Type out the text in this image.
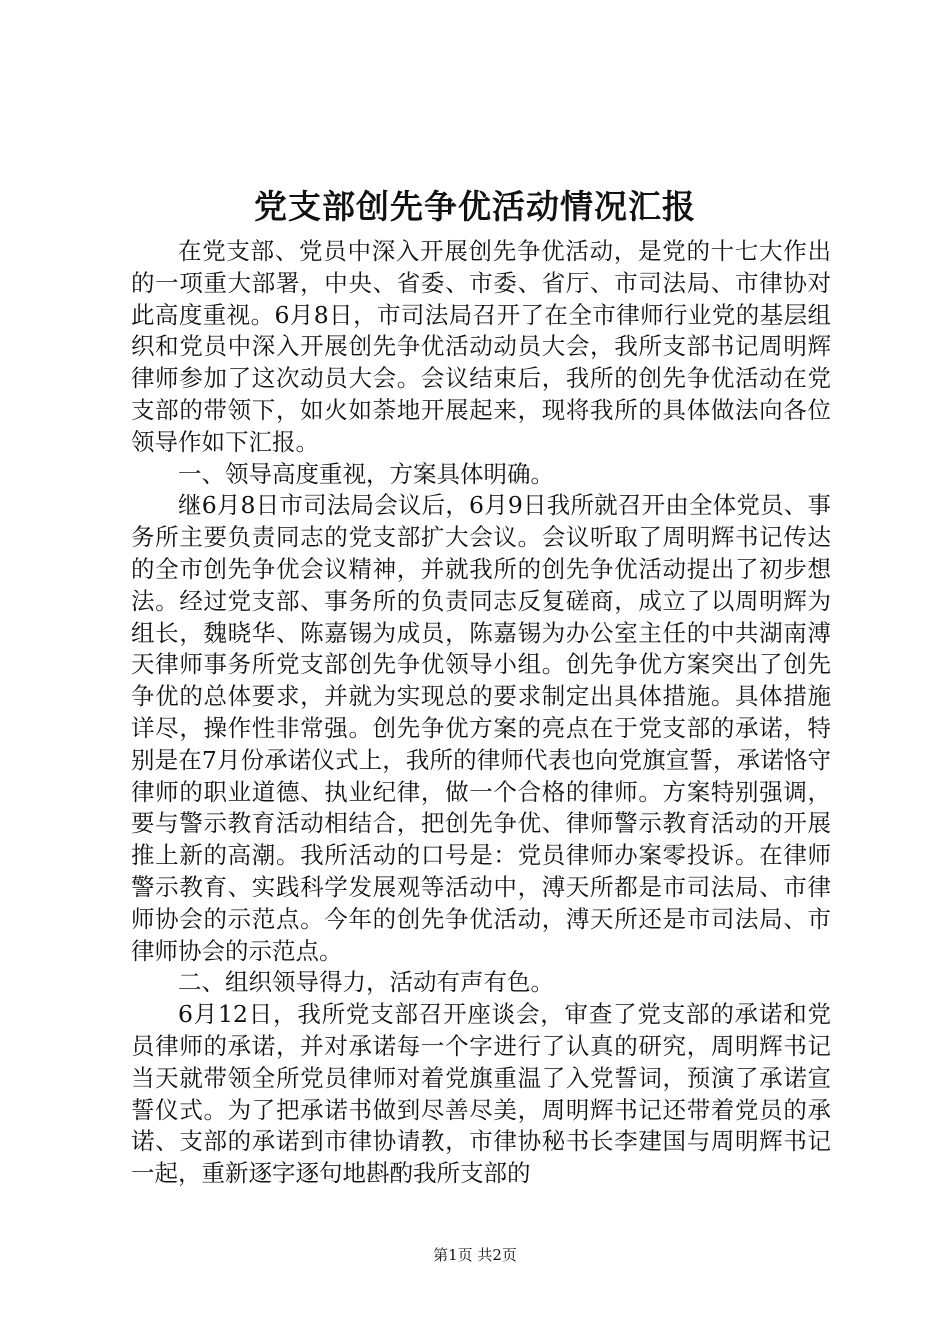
党支部创先争优活动情况汇报

在党支部、党员中深入开展创先争优活动，是党的十七大作出的一项重大部署，中央、省委、市委、省厅、市司法局、市律协对此高度重视。6月8日，市司法局召开了在全市律师行业党的基层组织和党员中深入开展创先争优活动动员大会，我所支部书记周明辉律师参加了这次动员大会。会议结束后，我所的创先争优活动在党支部的带领下，如火如荼地开展起来，现将我所的具体做法向各位领导作如下汇报。

一、领导高度重视，方案具体明确。

继6月8日市司法局会议后，6月9日我所就召开由全体党员、事务所主要负责同志的党支部扩大会议。会议听取了周明辉书记传达的全市创先争优会议精神，并就我所的创先争优活动提出了初步想法。经过党支部、事务所的负责同志反复磋商，成立了以周明辉为组长，魏晓华、陈嘉锡为成员，陈嘉锡为办公室主任的中共湖南溥天律师事务所党支部创先争优领导小组。创先争优方案突出了创先争优的总体要求，并就为实现总的要求制定出具体措施。具体措施详尽，操作性非常强。创先争优方案的亮点在于党支部的承诺，特别是在7月份承诺仪式上，我所的律师代表也向党旗宣誓，承诺恪守律师的职业道德、执业纪律，做一个合格的律师。方案特别强调，要与警示教育活动相结合，把创先争优、律师警示教育活动的开展推上新的高潮。我所活动的口号是：党员律师办案零投诉。在律师警示教育、实践科学发展观等活动中，溥天所都是市司法局、市律师协会的示范点。今年的创先争优活动，溥天所还是市司法局、市律师协会的示范点。

二、组织领导得力，活动有声有色。

6月12日，我所党支部召开座谈会，审查了党支部的承诺和党员律师的承诺，并对承诺每一个字进行了认真的研究，周明辉书记当天就带领全所党员律师对着党旗重温了入党誓词，预演了承诺宣誓仪式。为了把承诺书做到尽善尽美，周明辉书记还带着党员的承诺、支部的承诺到市律协请教，市律协秘书长李建国与周明辉书记一起，重新逐字逐句地斟酌我所支部的

第1页 共2页
